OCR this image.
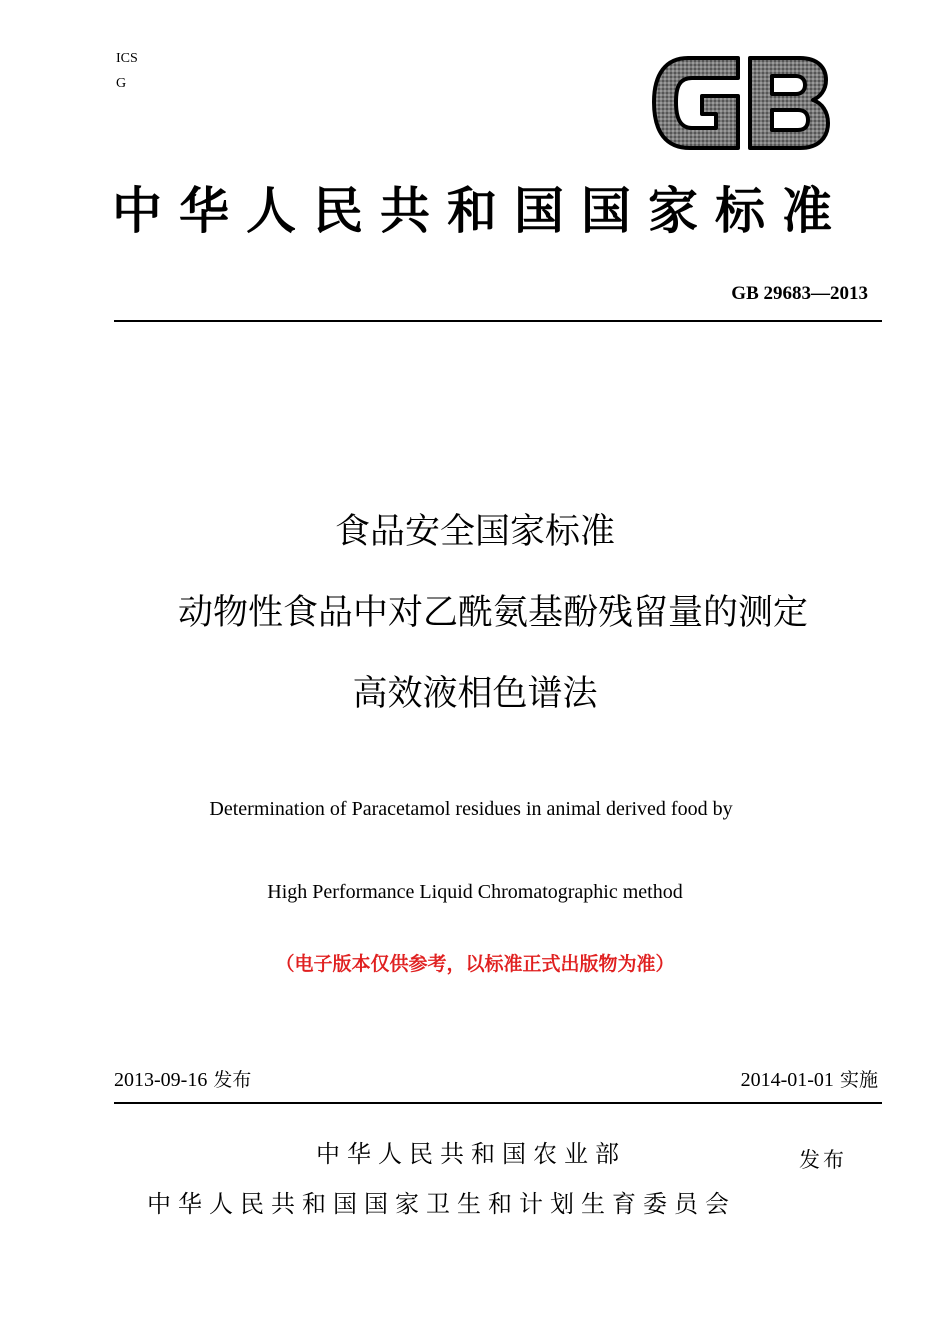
ICS
G
中华人民共和国国家标准
GB 29683—2013
食品安全国家标准
动物性食品中对乙酰氨基酚残留量的测定
高效液相色谱法
Determination of Paracetamol residues in animal derived food by
High Performance Liquid Chromatographic method
（电子版本仅供参考，以标准正式出版物为准）
2013-09-16 发布	2014-01-01 实施
中华人民共和国农业部	发布
中华人民共和国国家卫生和计划生育委员会
